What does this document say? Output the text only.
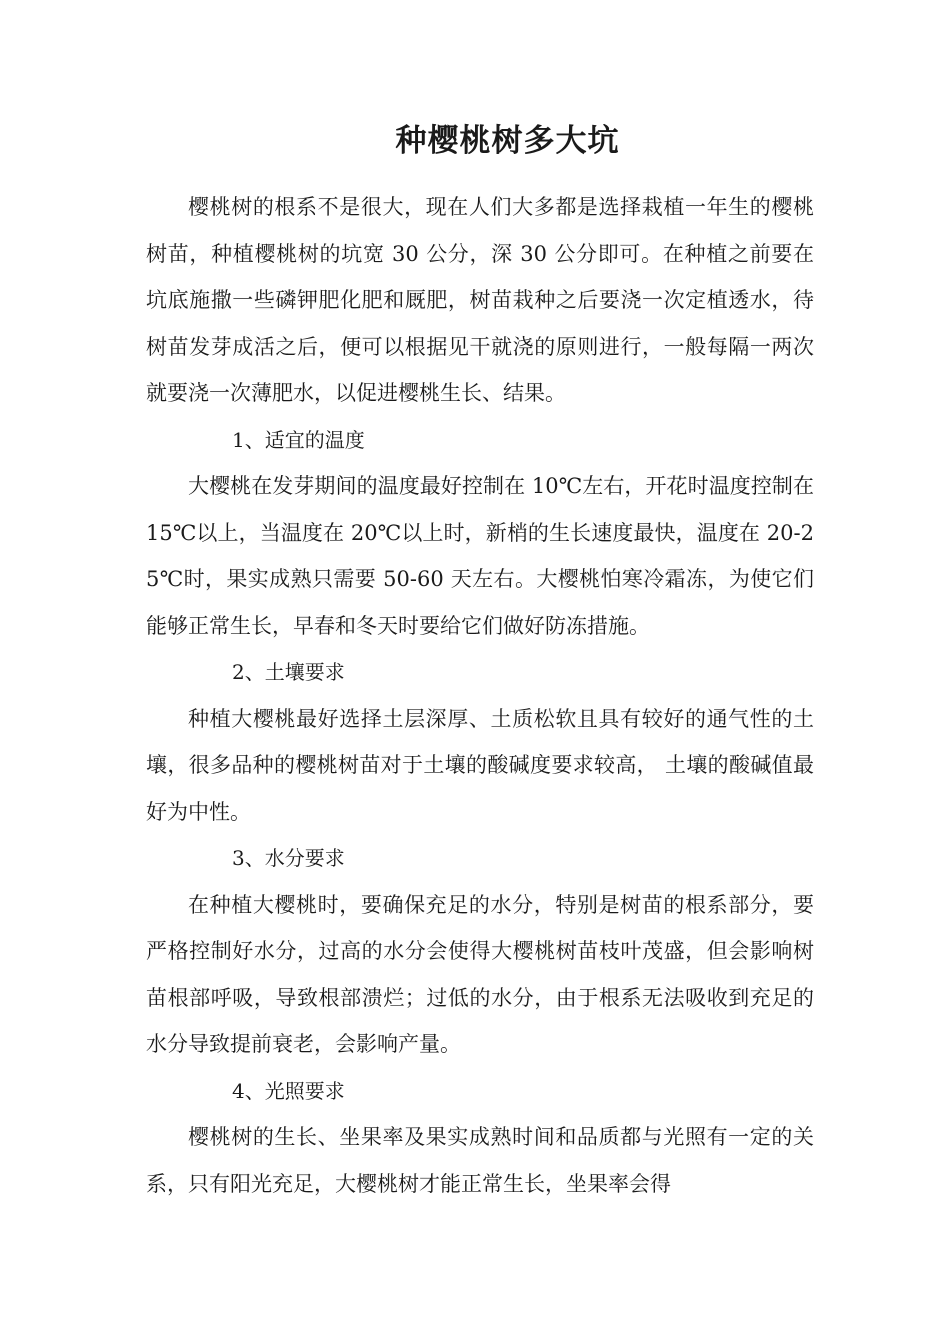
种樱桃树多大坑

樱桃树的根系不是很大，现在人们大多都是选择栽植一年生的樱桃树苗，种植樱桃树的坑宽 30 公分，深 30 公分即可。在种植之前要在坑底施撒一些磷钾肥化肥和厩肥，树苗栽种之后要浇一次定植透水，待树苗发芽成活之后，便可以根据见干就浇的原则进行，一般每隔一两次就要浇一次薄肥水，以促进樱桃生长、结果。

1、适宜的温度

大樱桃在发芽期间的温度最好控制在 10℃左右，开花时温度控制在 15℃以上，当温度在 20℃以上时，新梢的生长速度最快，温度在 20-25℃时，果实成熟只需要 50-60 天左右。大樱桃怕寒冷霜冻，为使它们能够正常生长，早春和冬天时要给它们做好防冻措施。

2、土壤要求

种植大樱桃最好选择土层深厚、土质松软且具有较好的通气性的土壤，很多品种的樱桃树苗对于土壤的酸碱度要求较高， 土壤的酸碱值最好为中性。

3、水分要求

在种植大樱桃时，要确保充足的水分，特别是树苗的根系部分，要严格控制好水分，过高的水分会使得大樱桃树苗枝叶茂盛，但会影响树苗根部呼吸，导致根部溃烂；过低的水分，由于根系无法吸收到充足的水分导致提前衰老，会影响产量。

4、光照要求

樱桃树的生长、坐果率及果实成熟时间和品质都与光照有一定的关系，只有阳光充足，大樱桃树才能正常生长，坐果率会得
